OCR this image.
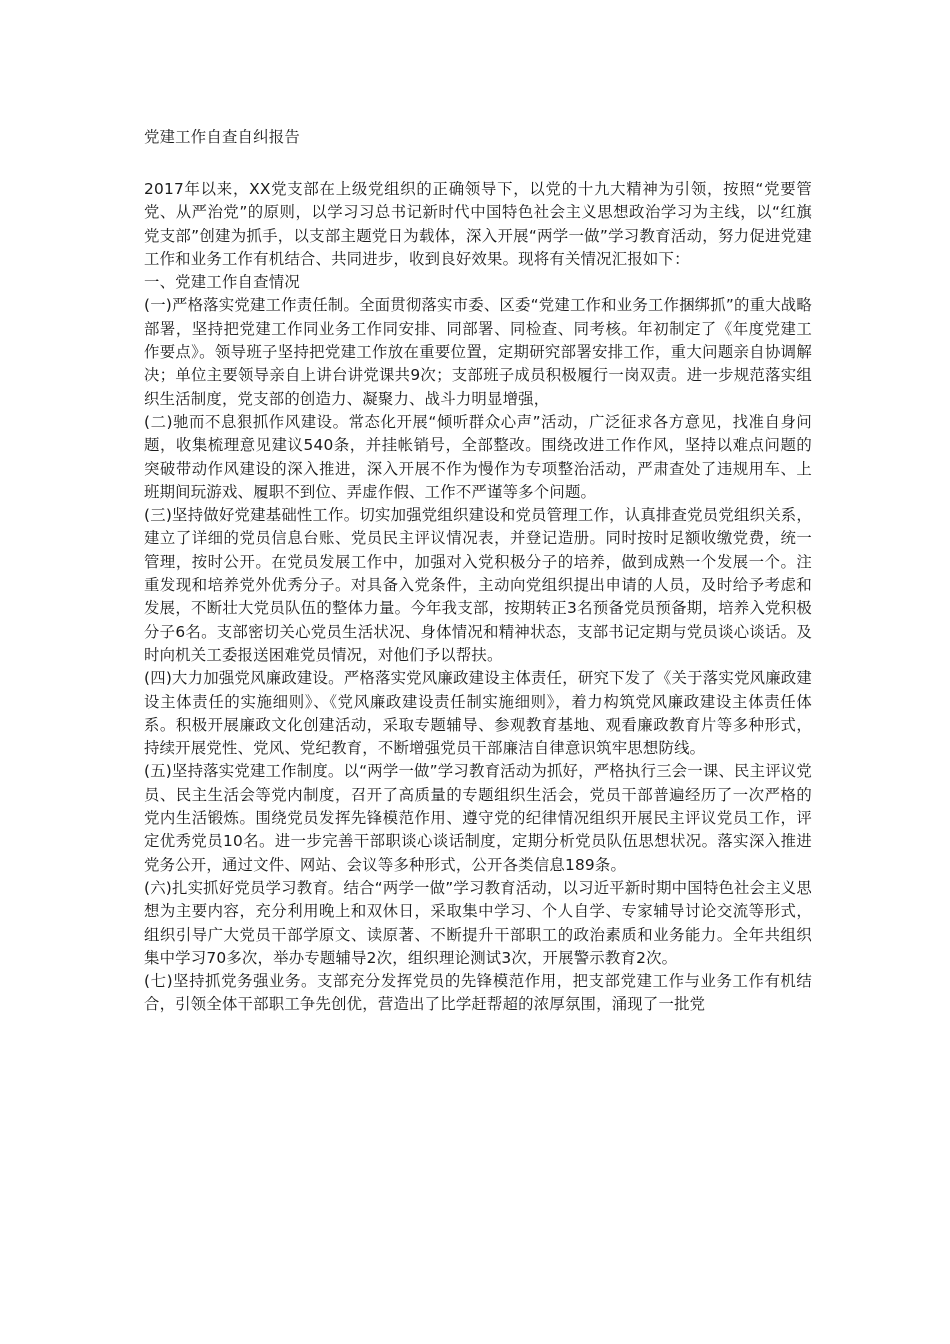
党建工作自查自纠报告

2017年以来，XX党支部在上级党组织的正确领导下，以党的十九大精神为引领，按照“党要管党、从严治党”的原则，以学习习总书记新时代中国特色社会主义思想政治学习为主线，以“红旗党支部”创建为抓手，以支部主题党日为载体，深入开展“两学一做”学习教育活动，努力促进党建工作和业务工作有机结合、共同进步，收到良好效果。现将有关情况汇报如下：

一、党建工作自查情况

(一)严格落实党建工作责任制。全面贯彻落实市委、区委“党建工作和业务工作捆绑抓”的重大战略部署，坚持把党建工作同业务工作同安排、同部署、同检查、同考核。年初制定了《年度党建工作要点》。领导班子坚持把党建工作放在重要位置，定期研究部署安排工作，重大问题亲自协调解决；单位主要领导亲自上讲台讲党课共9次；支部班子成员积极履行一岗双责。进一步规范落实组织生活制度，党支部的创造力、凝聚力、战斗力明显增强，

(二)驰而不息狠抓作风建设。常态化开展“倾听群众心声”活动，广泛征求各方意见，找准自身问题，收集梳理意见建议540条，并挂帐销号，全部整改。围绕改进工作作风，坚持以难点问题的突破带动作风建设的深入推进，深入开展不作为慢作为专项整治活动，严肃查处了违规用车、上班期间玩游戏、履职不到位、弄虚作假、工作不严谨等多个问题。

(三)坚持做好党建基础性工作。切实加强党组织建设和党员管理工作，认真排查党员党组织关系，建立了详细的党员信息台账、党员民主评议情况表，并登记造册。同时按时足额收缴党费，统一管理，按时公开。在党员发展工作中，加强对入党积极分子的培养，做到成熟一个发展一个。注重发现和培养党外优秀分子。对具备入党条件，主动向党组织提出申请的人员，及时给予考虑和发展，不断壮大党员队伍的整体力量。今年我支部，按期转正3名预备党员预备期，培养入党积极分子6名。支部密切关心党员生活状况、身体情况和精神状态，支部书记定期与党员谈心谈话。及时向机关工委报送困难党员情况，对他们予以帮扶。

(四)大力加强党风廉政建设。严格落实党风廉政建设主体责任，研究下发了《关于落实党风廉政建设主体责任的实施细则》、《党风廉政建设责任制实施细则》，着力构筑党风廉政建设主体责任体系。积极开展廉政文化创建活动，采取专题辅导、参观教育基地、观看廉政教育片等多种形式，持续开展党性、党风、党纪教育，不断增强党员干部廉洁自律意识筑牢思想防线。

(五)坚持落实党建工作制度。以“两学一做”学习教育活动为抓好，严格执行三会一课、民主评议党员、民主生活会等党内制度，召开了高质量的专题组织生活会，党员干部普遍经历了一次严格的党内生活锻炼。围绕党员发挥先锋模范作用、遵守党的纪律情况组织开展民主评议党员工作，评定优秀党员10名。进一步完善干部职谈心谈话制度，定期分析党员队伍思想状况。落实深入推进党务公开，通过文件、网站、会议等多种形式，公开各类信息189条。

(六)扎实抓好党员学习教育。结合“两学一做”学习教育活动，以习近平新时期中国特色社会主义思想为主要内容，充分利用晚上和双休日，采取集中学习、个人自学、专家辅导讨论交流等形式，组织引导广大党员干部学原文、读原著、不断提升干部职工的政治素质和业务能力。全年共组织集中学习70多次，举办专题辅导2次，组织理论测试3次，开展警示教育2次。

(七)坚持抓党务强业务。支部充分发挥党员的先锋模范作用，把支部党建工作与业务工作有机结合，引领全体干部职工争先创优，营造出了比学赶帮超的浓厚氛围，涌现了一批党
